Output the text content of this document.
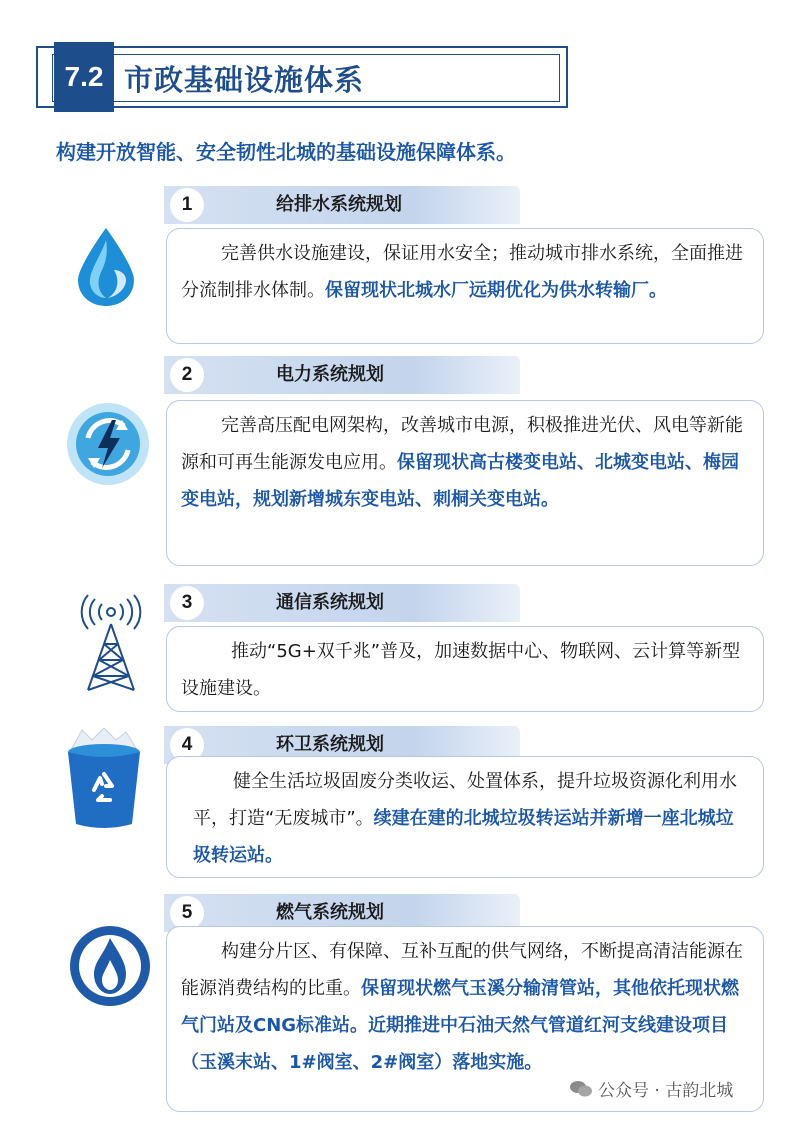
7.2 市政基础设施体系
构建开放智能、安全韧性北城的基础设施保障体系。
1	给排水系统规划
完善供水设施建设，保证用水安全；推动城市排水系统，全面推进分流制排水体制。保留现状北城水厂远期优化为供水转输厂。
2	电力系统规划
完善高压配电网架构，改善城市电源，积极推进光伏、风电等新能源和可再生能源发电应用。保留现状高古楼变电站、北城变电站、梅园变电站，规划新增城东变电站、刺桐关变电站。
3	通信系统规划
推动“5G+双千兆”普及，加速数据中心、物联网、云计算等新型设施建设。
4	环卫系统规划
健全生活垃圾固废分类收运、处置体系，提升垃圾资源化利用水平，打造“无废城市”。续建在建的北城垃圾转运站并新增一座北城垃圾转运站。
5	燃气系统规划
构建分片区、有保障、互补互配的供气网络，不断提高清洁能源在能源消费结构的比重。保留现状燃气玉溪分输清管站，其他依托现状燃气门站及CNG标准站。近期推进中石油天然气管道红河支线建设项目（玉溪末站、1#阀室、2#阀室）落地实施。
公众号 · 古韵北城
